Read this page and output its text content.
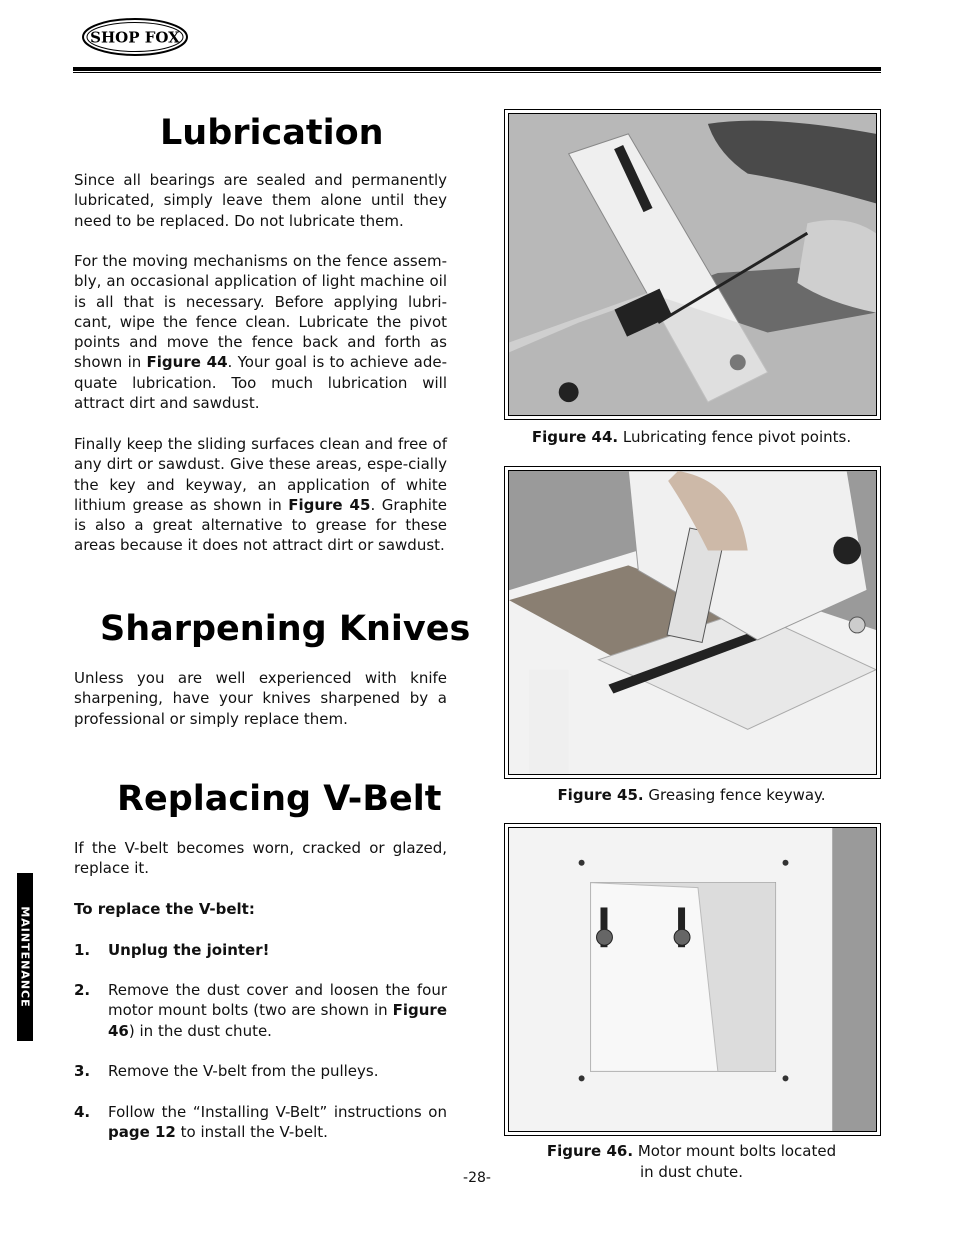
SHOP FOX
Lubrication

Since all bearings are sealed and permanently lubricated, simply leave them alone until they need to be replaced. Do not lubricate them.

For the moving mechanisms on the fence assem-bly, an occasional application of light machine oil is all that is necessary. Before applying lubri-cant, wipe the fence clean. Lubricate the pivot points and move the fence back and forth as shown in Figure 44. Your goal is to achieve ade-quate lubrication. Too much lubrication will attract dirt and sawdust.

Finally keep the sliding surfaces clean and free of any dirt or sawdust. Give these areas, espe-cially the key and keyway, an application of white lithium grease as shown in Figure 45. Graphite is also a great alternative to grease for these areas because it does not attract dirt or sawdust.

Sharpening Knives

Unless you are well experienced with knife sharpening, have your knives sharpened by a professional or simply replace them.

Replacing V-Belt

If the V-belt becomes worn, cracked or glazed, replace it.

To replace the V-belt:

1. Unplug the jointer!
2. Remove the dust cover and loosen the four motor mount bolts (two are shown in Figure 46) in the dust chute.
3. Remove the V-belt from the pulleys.
4. Follow the “Installing V-Belt” instructions on page 12 to install the V-belt.
Figure 44. Lubricating fence pivot points.
Figure 45. Greasing fence keyway.
Figure 46. Motor mount bolts located
in dust chute.
MAINTENANCE
-28-
